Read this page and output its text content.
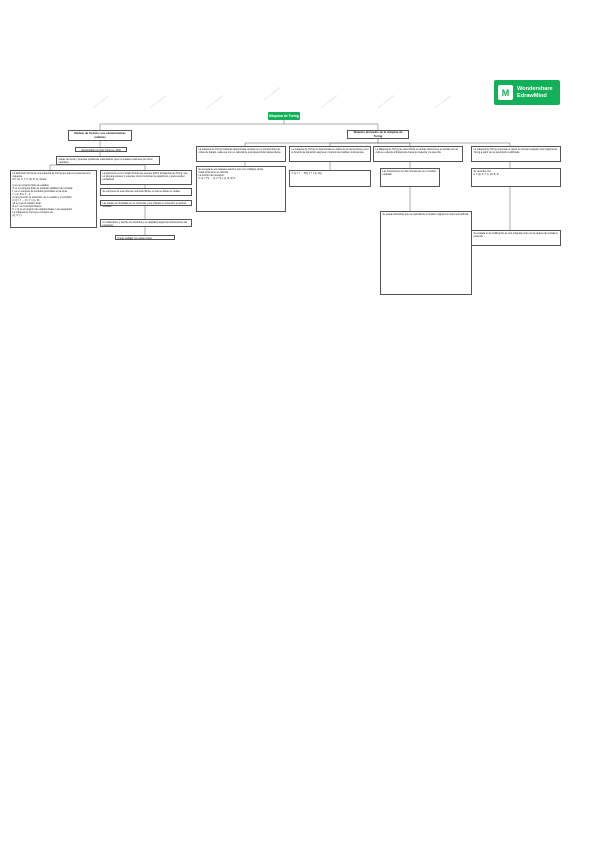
Hecho con EdrawMind	Hecho con EdrawMind	Hecho con EdrawMind
Hecho con EdrawMind
Hecho con EdrawMind	Hecho con EdrawMind	Hecho con EdrawMind
M	Wondershare
EdrawMind
Máquina de Turing
Modelo de formal y sus características relativas
Desarrollado por Alan Turing en 1936
Capaz de tomar y procesar problemas matemáticos (que no puedan resolverse por otros métodos)
La definición formal de una máquina de Turing que aquí se presenta es la siguiente:
M = (Q, Σ, Γ, δ, q0, B, F), donde:

Q es un conjunto finito de estados.
Σ es un conjunto finito de símbolos (alfabeto de entrada).
Γ es un conjunto de símbolos permitidos en la cinta.
Γ ⊇ Σ, B ∈ Γ − Σ
δ es la función de transición: de un estado y un símbolo,
δ: Q × Γ → Q × Γ × {L, R}
q0 ∈ Q es el estado inicial.
B ∈ Γ es el símbolo blanco.
F ⊆ Q es el conjunto de estados finales o de aceptación.
La máquina de Turing se compone de:
(Q, Σ, Γ)
La estructura es un modelo formal que permite definir la Máquina de Turing, que es útil para conocer y entender cómo funcionan los algoritmos y para resolver problemas.
Se compone de una cinta de memoria infinita, el cual se divide en celdas.
Las celdas son limitadas en su contenido, pero infinitas en extensión en ambos sentidos.
Un cabezal lee y escribe los símbolos y se desplaza según las instrucciones del programa.
Puede trabajar con varias cintas.
Modelos derivados de la máquina de Turing
La máquina de Turing multicinta determinista consiste en un número finito de cintas de trabajo, cada una con un cabezal de lectura/escritura independiente.
Es semejante a la máquina anterior pero con múltiples cintas.
Cada cinta tiene su cabezal.
La función de transición:
δ: Q × Γ^k → Q × Γ^k × {L, R, S}^k
La máquina de Turing no determinista se define de la misma forma, pero la función de transición asigna un conjunto de posibles movimientos.
δ: Q × Γ → P(Q × Γ × {L, R})
La Máquina de Turing de cinta infinita en ambas direcciones es similar pero la cinta se extiende infinitamente hacia la izquierda y la derecha.
Las transiciones son las mismas que en el modelo estándar.
Se puede demostrar que es equivalente al modelo original con cinta semi-infinita.
La máquina de Turing universal es capaz de simular cualquier otra máquina de Turing a partir de su descripción codificada.
Se describe con:
U = (Q, Σ, Γ, δ, q0, B, F)
Su entrada es la codificación de otra máquina junto con la cadena de entrada a procesar.
